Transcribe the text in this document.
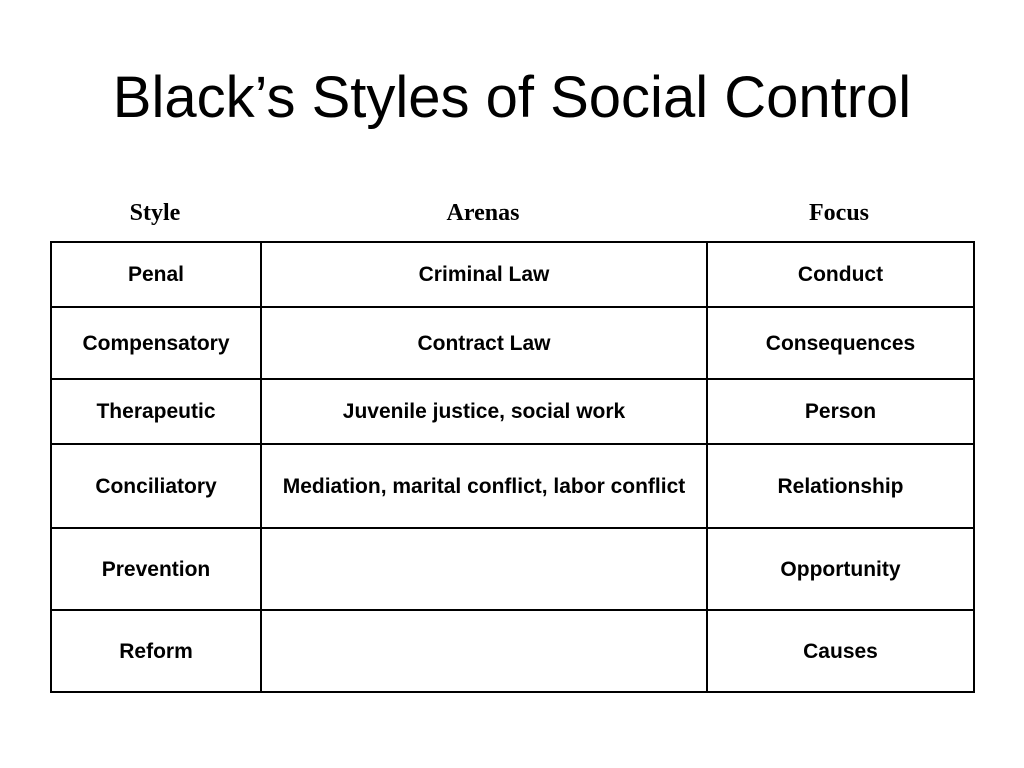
Black’s Styles of Social Control
Style	Arenas	Focus
Penal	Criminal Law	Conduct
Compensatory	Contract Law	Consequences
Therapeutic	Juvenile justice, social work	Person
Conciliatory	Mediation, marital conflict, labor conflict	Relationship
Prevention		Opportunity
Reform		Causes
